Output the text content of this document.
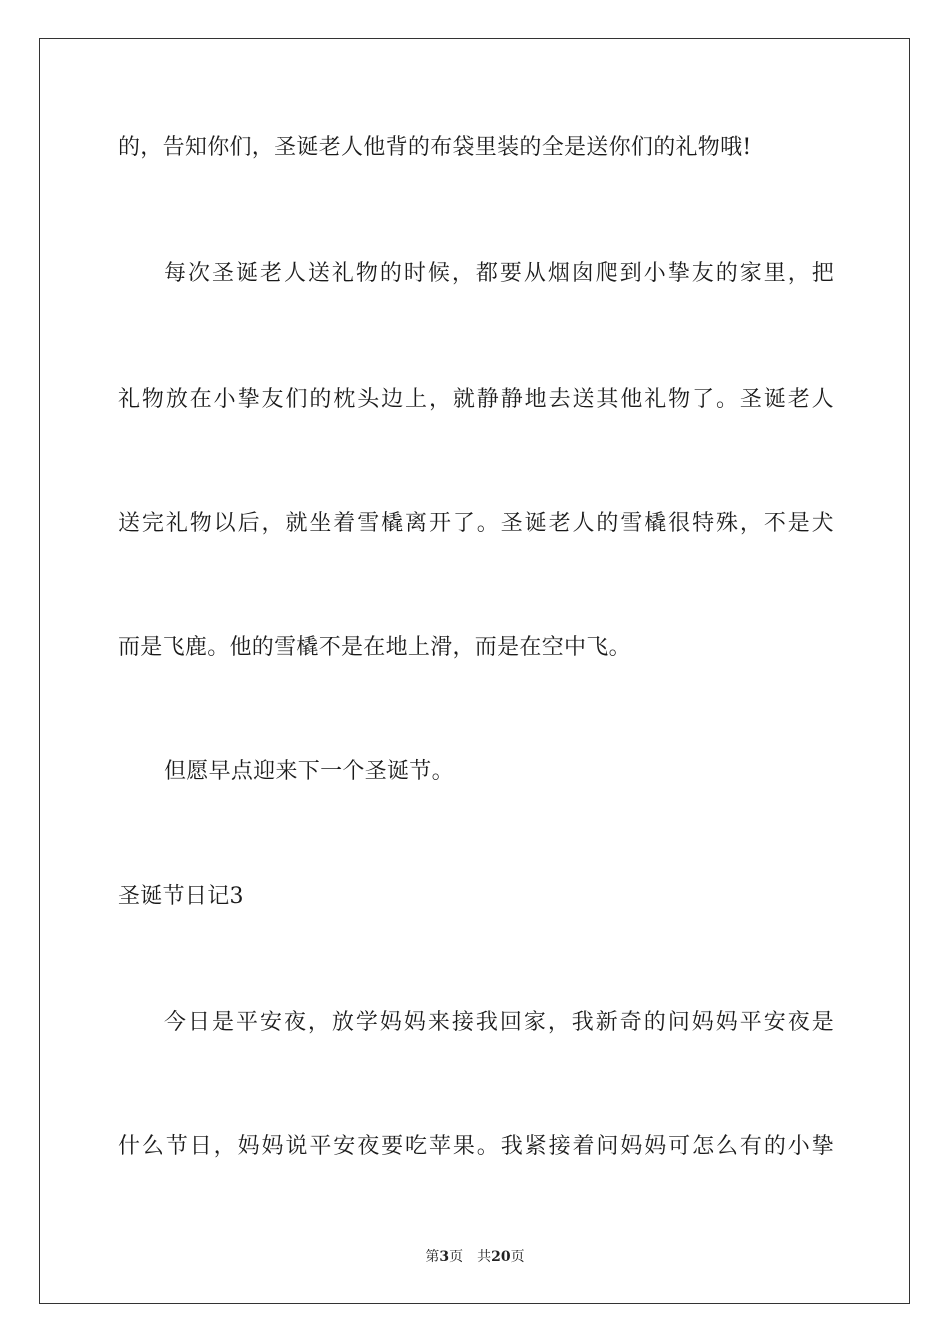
的，告知你们，圣诞老人他背的布袋里装的全是送你们的礼物哦!
每次圣诞老人送礼物的时候，都要从烟囱爬到小挚友的家里，把
礼物放在小挚友们的枕头边上，就静静地去送其他礼物了。圣诞老人
送完礼物以后，就坐着雪橇离开了。圣诞老人的雪橇很特殊，不是犬
而是飞鹿。他的雪橇不是在地上滑，而是在空中飞。
但愿早点迎来下一个圣诞节。
圣诞节日记3
今日是平安夜，放学妈妈来接我回家，我新奇的问妈妈平安夜是
什么节日，妈妈说平安夜要吃苹果。我紧接着问妈妈可怎么有的小挚
第3页 共20页
